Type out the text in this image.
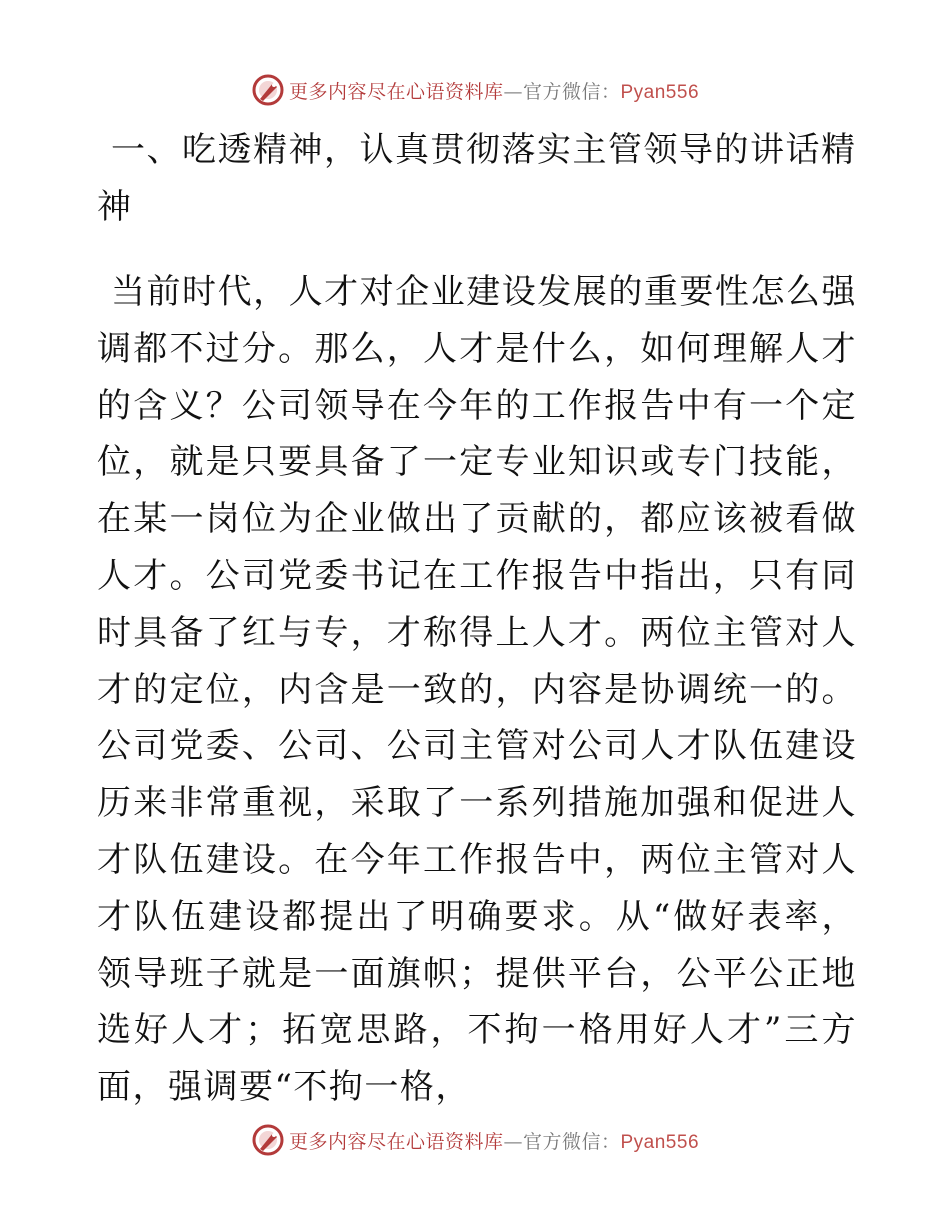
更多内容尽在心语资料库—官方微信：Pyan556
一、吃透精神，认真贯彻落实主管领导的讲话精神

当前时代，人才对企业建设发展的重要性怎么强调都不过分。那么，人才是什么，如何理解人才的含义？公司领导在今年的工作报告中有一个定位，就是只要具备了一定专业知识或专门技能，在某一岗位为企业做出了贡献的，都应该被看做人才。公司党委书记在工作报告中指出，只有同时具备了红与专，才称得上人才。两位主管对人才的定位，内含是一致的，内容是协调统一的。公司党委、公司、公司主管对公司人才队伍建设历来非常重视，采取了一系列措施加强和促进人才队伍建设。在今年工作报告中，两位主管对人才队伍建设都提出了明确要求。从“做好表率，领导班子就是一面旗帜；提供平台，公平公正地选好人才；拓宽思路，不拘一格用好人才”三方面，强调要“不拘一格，

更多内容尽在心语资料库—官方微信：Pyan556
